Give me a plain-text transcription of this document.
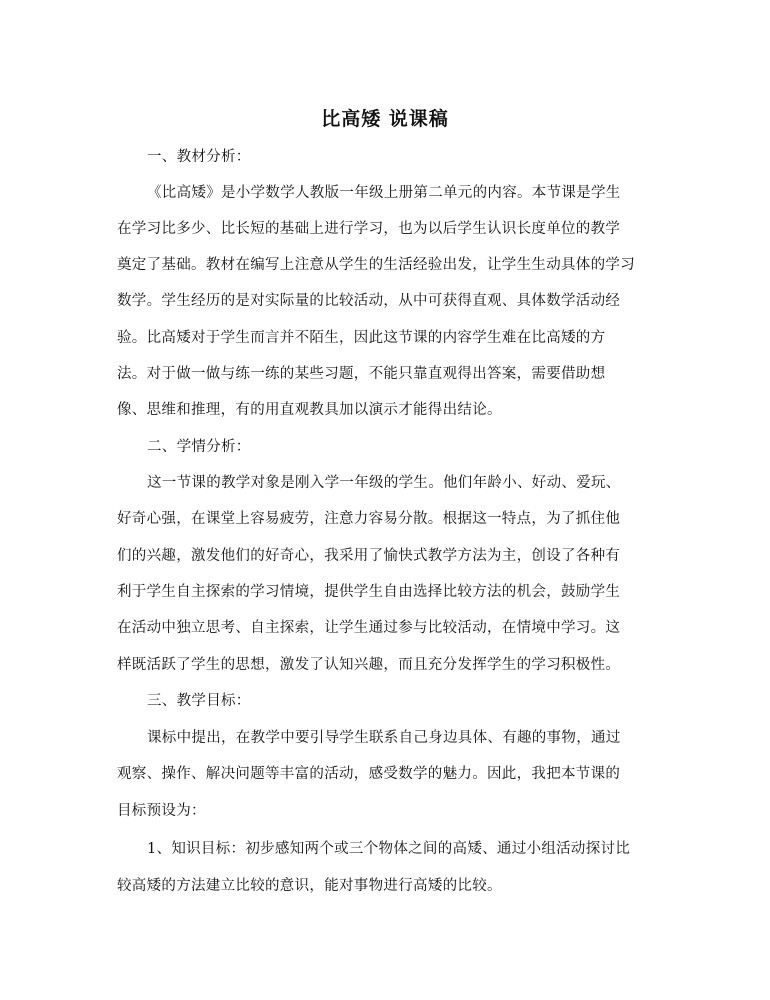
比高矮 说课稿
一、教材分析：
《比高矮》是小学数学人教版一年级上册第二单元的内容。本节课是学生
在学习比多少、比长短的基础上进行学习，也为以后学生认识长度单位的教学
奠定了基础。教材在编写上注意从学生的生活经验出发，让学生生动具体的学习
数学。学生经历的是对实际量的比较活动，从中可获得直观、具体数学活动经
验。比高矮对于学生而言并不陌生，因此这节课的内容学生难在比高矮的方
法。对于做一做与练一练的某些习题，不能只靠直观得出答案，需要借助想
像、思维和推理，有的用直观教具加以演示才能得出结论。
二、学情分析：
这一节课的教学对象是刚入学一年级的学生。他们年龄小、好动、爱玩、
好奇心强，在课堂上容易疲劳，注意力容易分散。根据这一特点，为了抓住他
们的兴趣，激发他们的好奇心，我采用了愉快式教学方法为主，创设了各种有
利于学生自主探索的学习情境，提供学生自由选择比较方法的机会，鼓励学生
在活动中独立思考、自主探索，让学生通过参与比较活动，在情境中学习。这
样既活跃了学生的思想，激发了认知兴趣，而且充分发挥学生的学习积极性。
三、教学目标：
课标中提出，在教学中要引导学生联系自己身边具体、有趣的事物，通过
观察、操作、解决问题等丰富的活动，感受数学的魅力。因此，我把本节课的
目标预设为：
1、知识目标：初步感知两个或三个物体之间的高矮、通过小组活动探讨比
较高矮的方法建立比较的意识，能对事物进行高矮的比较。
